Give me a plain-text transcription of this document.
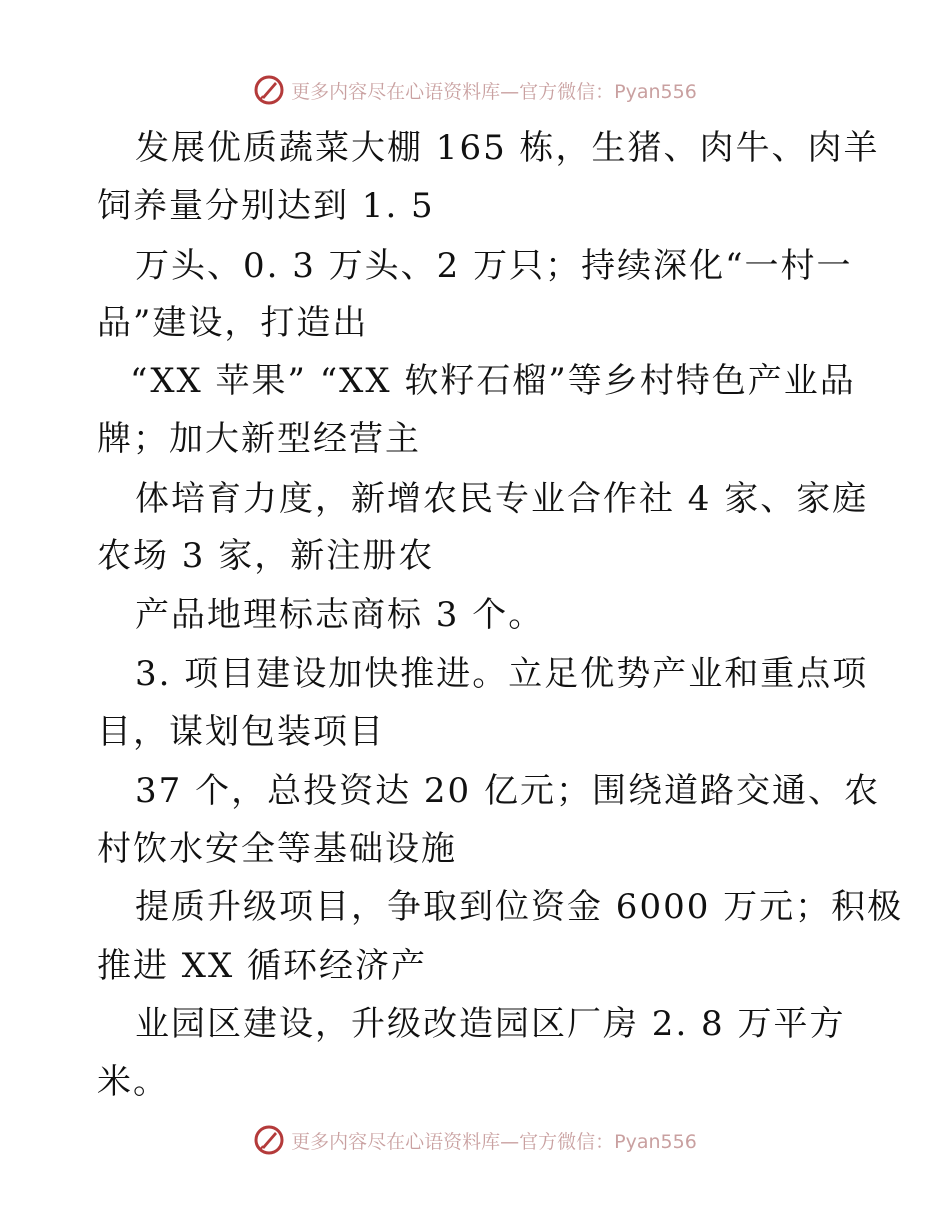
更多内容尽在心语资料库—官方微信：Pyan556
发展优质蔬菜大棚 165 栋，生猪、肉牛、肉羊
饲养量分别达到 1. 5
万头、0. 3 万头、2 万只；持续深化“一村一
品”建设，打造出
“XX 苹果” “XX 软籽石榴”等乡村特色产业品
牌；加大新型经营主
体培育力度，新增农民专业合作社 4 家、家庭
农场 3 家，新注册农
产品地理标志商标 3 个。
3. 项目建设加快推进。立足优势产业和重点项
目，谋划包装项目
37 个，总投资达 20 亿元；围绕道路交通、农
村饮水安全等基础设施
提质升级项目，争取到位资金 6000 万元；积极
推进 XX 循环经济产
业园区建设，升级改造园区厂房 2. 8 万平方
米。
更多内容尽在心语资料库—官方微信：Pyan556
